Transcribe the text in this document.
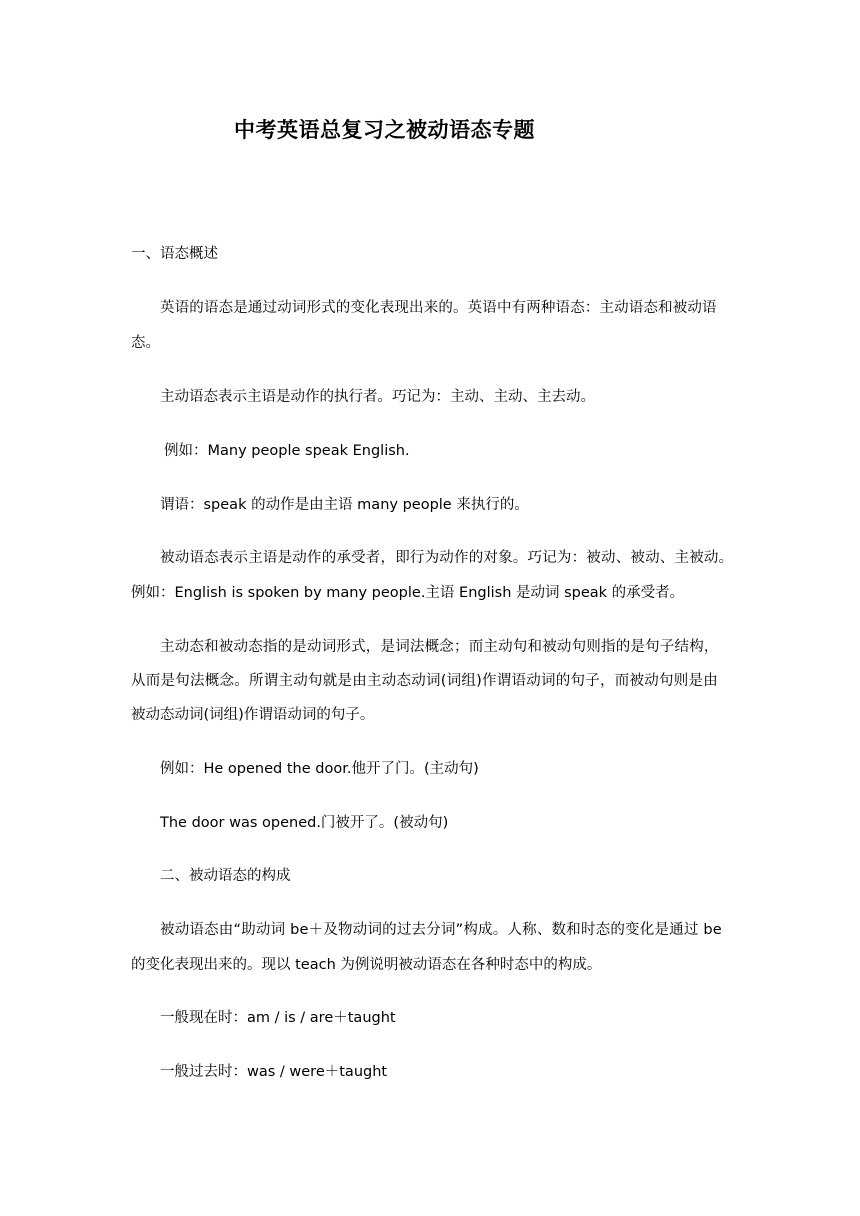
中考英语总复习之被动语态专题
一、语态概述
英语的语态是通过动词形式的变化表现出来的。英语中有两种语态：主动语态和被动语
态。
主动语态表示主语是动作的执行者。巧记为：主动、主动、主去动。
例如：Many people speak English.
谓语：speak 的动作是由主语 many people 来执行的。
被动语态表示主语是动作的承受者，即行为动作的对象。巧记为：被动、被动、主被动。
例如：English is spoken by many people.主语 English 是动词 speak 的承受者。
主动态和被动态指的是动词形式，是词法概念；而主动句和被动句则指的是句子结构，
从而是句法概念。所谓主动句就是由主动态动词(词组)作谓语动词的句子，而被动句则是由
被动态动词(词组)作谓语动词的句子。
例如：He opened the door.他开了门。(主动句)
The door was opened.门被开了。(被动句)
二、被动语态的构成
被动语态由“助动词 be＋及物动词的过去分词”构成。人称、数和时态的变化是通过 be
的变化表现出来的。现以 teach 为例说明被动语态在各种时态中的构成。
一般现在时：am / is / are＋taught
一般过去时：was / were＋taught
